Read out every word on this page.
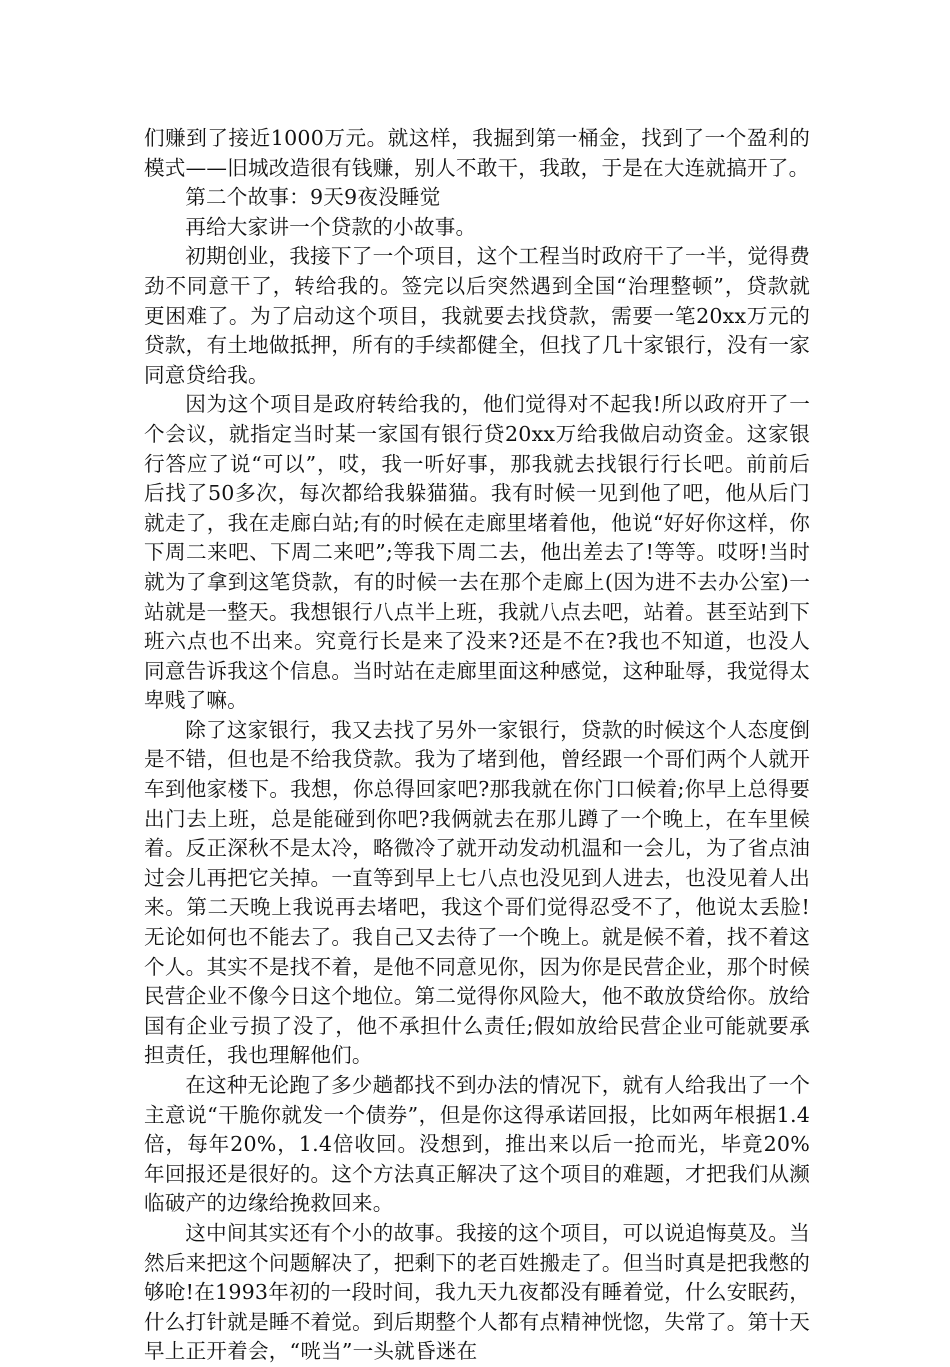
们赚到了接近1000万元。就这样，我掘到第一桶金，找到了一个盈利的模式——旧城改造很有钱赚，别人不敢干，我敢，于是在大连就搞开了。

第二个故事：9天9夜没睡觉

再给大家讲一个贷款的小故事。

初期创业，我接下了一个项目，这个工程当时政府干了一半，觉得费劲不同意干了，转给我的。签完以后突然遇到全国“治理整顿”，贷款就更困难了。为了启动这个项目，我就要去找贷款，需要一笔20xx万元的贷款，有土地做抵押，所有的手续都健全，但找了几十家银行，没有一家同意贷给我。

因为这个项目是政府转给我的，他们觉得对不起我!所以政府开了一个会议，就指定当时某一家国有银行贷20xx万给我做启动资金。这家银行答应了说“可以”，哎，我一听好事，那我就去找银行行长吧。前前后后找了50多次，每次都给我躲猫猫。我有时候一见到他了吧，他从后门就走了，我在走廊白站;有的时候在走廊里堵着他，他说“好好你这样，你下周二来吧、下周二来吧”;等我下周二去，他出差去了!等等。哎呀!当时就为了拿到这笔贷款，有的时候一去在那个走廊上(因为进不去办公室)一站就是一整天。我想银行八点半上班，我就八点去吧，站着。甚至站到下班六点也不出来。究竟行长是来了没来?还是不在?我也不知道，也没人同意告诉我这个信息。当时站在走廊里面这种感觉，这种耻辱，我觉得太卑贱了嘛。

除了这家银行，我又去找了另外一家银行，贷款的时候这个人态度倒是不错，但也是不给我贷款。我为了堵到他，曾经跟一个哥们两个人就开车到他家楼下。我想，你总得回家吧?那我就在你门口候着;你早上总得要出门去上班，总是能碰到你吧?我俩就去在那儿蹲了一个晚上，在车里候着。反正深秋不是太冷，略微冷了就开动发动机温和一会儿，为了省点油过会儿再把它关掉。一直等到早上七八点也没见到人进去，也没见着人出来。第二天晚上我说再去堵吧，我这个哥们觉得忍受不了，他说太丢脸!无论如何也不能去了。我自己又去待了一个晚上。就是候不着，找不着这个人。其实不是找不着，是他不同意见你，因为你是民营企业，那个时候民营企业不像今日这个地位。第二觉得你风险大，他不敢放贷给你。放给国有企业亏损了没了，他不承担什么责任;假如放给民营企业可能就要承担责任，我也理解他们。

在这种无论跑了多少趟都找不到办法的情况下，就有人给我出了一个主意说“干脆你就发一个债券”，但是你这得承诺回报，比如两年根据1.4倍，每年20%，1.4倍收回。没想到，推出来以后一抢而光，毕竟20%年回报还是很好的。这个方法真正解决了这个项目的难题，才把我们从濒临破产的边缘给挽救回来。

这中间其实还有个小的故事。我接的这个项目，可以说追悔莫及。当然后来把这个问题解决了，把剩下的老百姓搬走了。但当时真是把我憋的够呛!在1993年初的一段时间，我九天九夜都没有睡着觉，什么安眠药，什么打针就是睡不着觉。到后期整个人都有点精神恍惚，失常了。第十天早上正开着会，“咣当”一头就昏迷在
